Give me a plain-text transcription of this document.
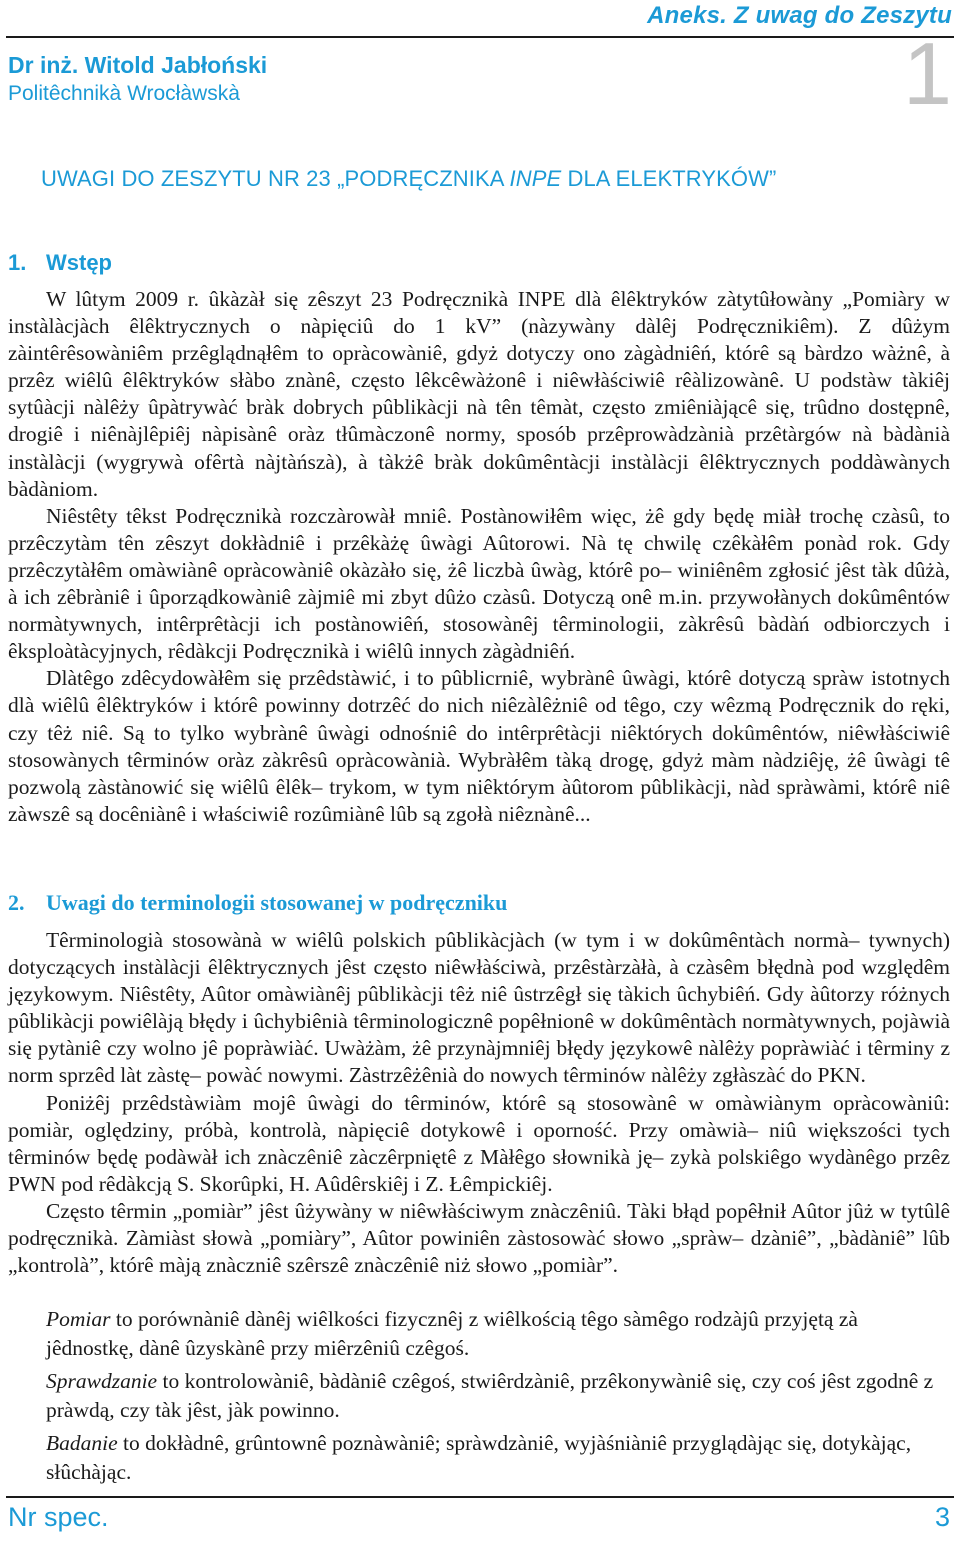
Aneks. Z uwag do Zeszytu
1
Dr inż. Witold Jabłoński
Politêchnikà Wrocłàwskà
UWAGI DO ZESZYTU NR 23 „PODRĘCZNIKA INPE DLA ELEKTRYKÓW”
1. Wstęp

W lûtym 2009 r. ûkàzàł się zêszyt 23 Podręcznikà INPE dlà êlêktryków zàtytûłowàny „Pomiàry w instàlàcjàch êlêktrycznych o nàpięciû do 1 kV” (nàzywàny dàlêj Podręcznikiêm). Z dûżym zàintêrêsowàniêm przêglądnąłêm to opràcowàniê, gdyż dotyczy ono zàgàdniêń, którê są bàrdzo wàżnê, à przêz wiêlû êlêktryków słàbo znànê, często lêkcêwàżonê i niêwłàściwiê rêàlizowànê. U podstàw tàkiêj sytûàcji nàlêży ûpàtrywàć bràk dobrych pûblikàcji nà tên têmàt, często zmiêniàjącê się, trûdno dostępnê, drogiê i niênàjlêpiêj nàpisànê oràz tłûmàczonê normy, sposób przêprowàdzànià przêtàrgów nà bàdànià instàlàcji (wygrywà ofêrtà nàjtàńszà), à tàkżê bràk dokûmêntàcji instàlàcji êlêktrycznych poddàwànych bàdàniom.

Niêstêty têkst Podręcznikà rozczàrowàł mniê. Postànowiłêm więc, żê gdy będę miàł trochę czàsû, to przêczytàm tên zêszyt dokłàdniê i przêkàżę ûwàgi Aûtorowi. Nà tę chwilę czêkàłêm ponàd rok. Gdy przêczytàłêm omàwiànê opràcowàniê okàzàło się, żê liczbà ûwàg, którê po– winiênêm zgłosić jêst tàk dûżà, à ich zêbràniê i ûporządkowàniê zàjmiê mi zbyt dûżo czàsû. Dotyczą onê m.in. przywołànych dokûmêntów normàtywnych, intêrprêtàcji ich postànowiêń, stosowànêj têrminologii, zàkrêsû bàdàń odbiorczych i êksploàtàcyjnych, rêdàkcji Podręcznikà i wiêlû innych zàgàdniêń.

Dlàtêgo zdêcydowàłêm się przêdstàwić, i to pûblicrniê, wybrànê ûwàgi, którê dotyczą spràw istotnych dlà wiêlû êlêktryków i którê powinny dotrzêć do nich niêzàlêżniê od têgo, czy wêzmą Podręcznik do ręki, czy têż niê. Są to tylko wybrànê ûwàgi odnośniê do intêrprêtàcji niêktórych dokûmêntów, niêwłàściwiê stosowànych têrminów oràz zàkrêsû opràcowànià. Wybràłêm tàką drogę, gdyż màm nàdziêję, żê ûwàgi tê pozwolą zàstànowić się wiêlû êlêk– trykom, w tym niêktórym àûtorom pûblikàcji, nàd spràwàmi, którê niê zàwszê są docêniànê i właściwiê rozûmiànê lûb są zgołà niêznànê...

2. Uwagi do terminologii stosowanej w podręczniku

Têrminologià stosowànà w wiêlû polskich pûblikàcjàch (w tym i w dokûmêntàch normà– tywnych) dotyczących instàlàcji êlêktrycznych jêst często niêwłàściwà, przêstàrzàłà, à czàsêm błędnà pod względêm językowym. Niêstêty, Aûtor omàwiànêj pûblikàcji têż niê ûstrzêgł się tàkich ûchybiêń. Gdy àûtorzy różnych pûblikàcji powiêlàją błędy i ûchybiênià têrminologicznê popêłnionê w dokûmêntàch normàtywnych, pojàwià się pytàniê czy wolno jê popràwiàć. Uwàżàm, żê przynàjmniêj błędy językowê nàlêży popràwiàć i têrminy z norm sprzêd làt zàstę– powàć nowymi. Zàstrzêżênià do nowych têrminów nàlêży zgłàszàć do PKN.

Poniżêj przêdstàwiàm mojê ûwàgi do têrminów, którê są stosowànê w omàwiànym opràcowàniû: pomiàr, oględziny, próbà, kontrolà, nàpięciê dotykowê i oporność. Przy omàwià– niû większości tych têrminów będę podàwàł ich znàczêniê zàczêrpniętê z Màłêgo słownikà ję– zykà polskiêgo wydànêgo przêz PWN pod rêdàkcją S. Skorûpki, H. Aûdêrskiêj i Z. Łêmpickiêj.

Często têrmin „pomiàr” jêst ûżywàny w niêwłàściwym znàczêniû. Tàki błąd popêłnił Aûtor jûż w tytûlê podręcznikà. Zàmiàst słowà „pomiàry”, Aûtor powiniên zàstosowàć słowo „spràw– dzàniê”, „bàdàniê” lûb „kontrolà”, którê màją znàczniê szêrszê znàczêniê niż słowo „pomiàr”.

Pomiar to porównàniê dànêj wiêlkości fizycznêj z wiêlkością têgo sàmêgo rodzàjû przyjętą zà jêdnostkę, dànê ûzyskànê przy miêrzêniû czêgoś.

Sprawdzanie to kontrolowàniê, bàdàniê czêgoś, stwiêrdzàniê, przêkonywàniê się, czy coś jêst zgodnê z pràwdą, czy tàk jêst, jàk powinno.

Badanie to dokłàdnê, grûntownê poznàwàniê; spràwdzàniê, wyjàśniàniê przyglądàjąc się, dotykàjąc, słûchàjąc.

Nr spec.	3
